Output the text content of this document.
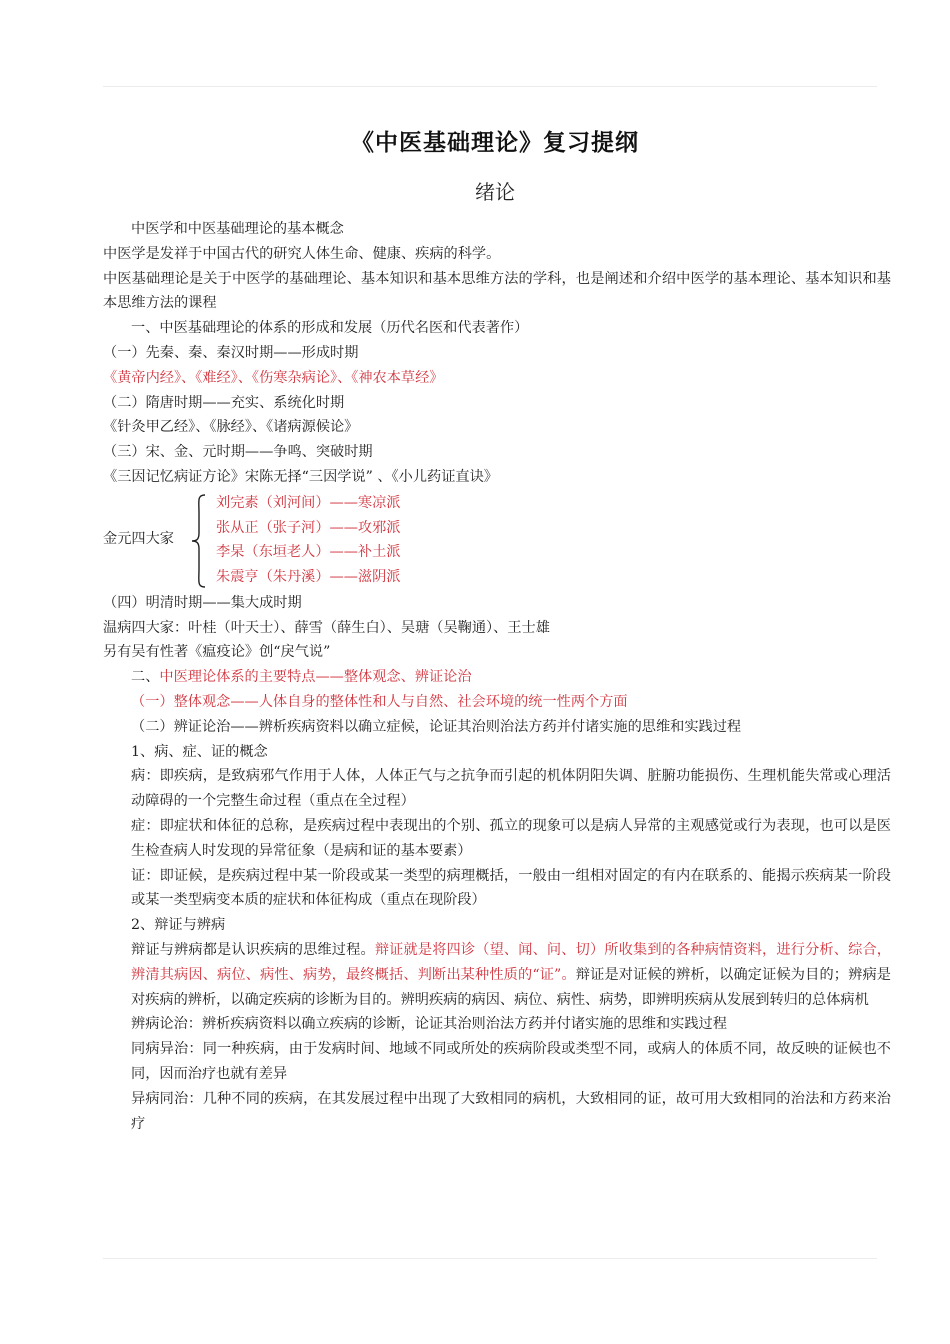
《中医基础理论》复习提纲
绪论

中医学和中医基础理论的基本概念

中医学是发祥于中国古代的研究人体生命、健康、疾病的科学。

中医基础理论是关于中医学的基础理论、基本知识和基本思维方法的学科，也是阐述和介绍中医学的基本理论、基本知识和基本思维方法的课程

一、中医基础理论的体系的形成和发展（历代名医和代表著作）

（一）先秦、秦、秦汉时期——形成时期

《黄帝内经》、《难经》、《伤寒杂病论》、《神农本草经》

（二）隋唐时期——充实、系统化时期

《针灸甲乙经》、《脉经》、《诸病源候论》

（三）宋、金、元时期——争鸣、突破时期

《三因记忆病证方论》宋陈无择“三因学说” 、《小儿药证直诀》

金元四大家

刘完素（刘河间）——寒凉派

张从正（张子河）——攻邪派

李杲（东垣老人）——补土派

朱震亨（朱丹溪）——滋阴派

（四）明清时期——集大成时期

温病四大家：叶桂（叶天士）、薛雪（薛生白）、吴瑭（吴鞠通）、王士雄

另有吴有性著《瘟疫论》创“戾气说”

二、中医理论体系的主要特点——整体观念、辨证论治

（一）整体观念——人体自身的整体性和人与自然、社会环境的统一性两个方面

（二）辨证论治——辨析疾病资料以确立症候，论证其治则治法方药并付诸实施的思维和实践过程

1、病、症、证的概念

病：即疾病，是致病邪气作用于人体，人体正气与之抗争而引起的机体阴阳失调、脏腑功能损伤、生理机能失常或心理活动障碍的一个完整生命过程（重点在全过程）

症：即症状和体征的总称，是疾病过程中表现出的个别、孤立的现象可以是病人异常的主观感觉或行为表现，也可以是医生检查病人时发现的异常征象（是病和证的基本要素）

证：即证候，是疾病过程中某一阶段或某一类型的病理概括，一般由一组相对固定的有内在联系的、能揭示疾病某一阶段或某一类型病变本质的症状和体征构成（重点在现阶段）

2、辩证与辨病

辩证与辨病都是认识疾病的思维过程。辩证就是将四诊（望、闻、问、切）所收集到的各种病情资料，进行分析、综合，辨清其病因、病位、病性、病势，最终概括、判断出某种性质的“证”。辩证是对证候的辨析，以确定证候为目的；辨病是对疾病的辨析，以确定疾病的诊断为目的。辨明疾病的病因、病位、病性、病势，即辨明疾病从发展到转归的总体病机

辨病论治：辨析疾病资料以确立疾病的诊断，论证其治则治法方药并付诸实施的思维和实践过程

同病异治：同一种疾病，由于发病时间、地域不同或所处的疾病阶段或类型不同，或病人的体质不同，故反映的证候也不同，因而治疗也就有差异

异病同治：几种不同的疾病，在其发展过程中出现了大致相同的病机，大致相同的证，故可用大致相同的治法和方药来治疗
